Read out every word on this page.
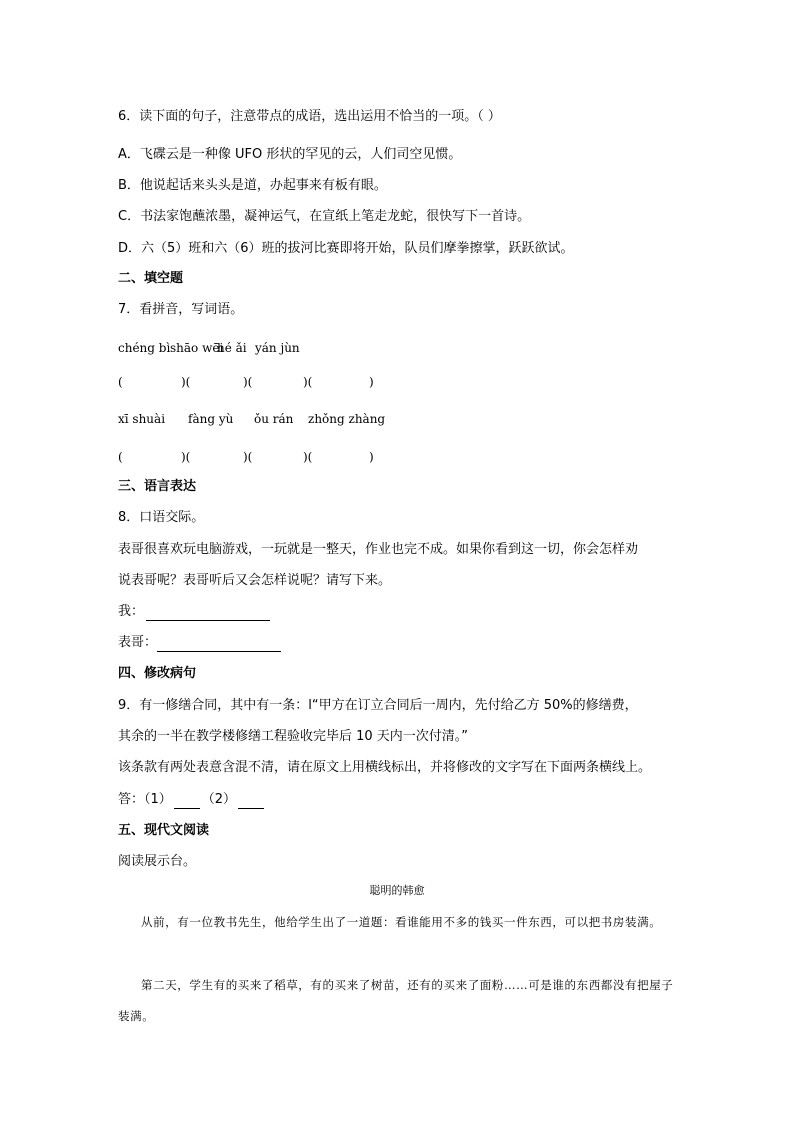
6．读下面的句子，注意带点的成语，选出运用不恰当的一项。（ ）
A．飞碟云是一种像 UFO 形状的罕见的云，人们司空见惯。
B．他说起话来头头是道，办起事来有板有眼。
C．书法家饱蘸浓墨，凝神运气，在宣纸上笔走龙蛇，很快写下一首诗。
D．六（5）班和六（6）班的拔河比赛即将开始，队员们摩拳擦掌，跃跃欲试。
二、填空题
7．看拼音，写词语。
chéng bìshāo wēihé ǎi yán jùn
(	)(	)(	)(	)
xī shuài fàng yù ǒu rán zhǒng zhàng
(	)(	)(	)(	)
三、语言表达
8．口语交际。
表哥很喜欢玩电脑游戏，一玩就是一整天，作业也完不成。如果你看到这一切，你会怎样劝
说表哥呢？表哥听后又会怎样说呢？请写下来。
我：
表哥：
四、修改病句
9．有一修缮合同，其中有一条：l“甲方在订立合同后一周内，先付给乙方 50%的修缮费，
其余的一半在教学楼修缮工程验收完毕后 10 天内一次付清。”
该条款有两处表意含混不清，请在原文上用横线标出，并将修改的文字写在下面两条横线上。
答：（1） （2）
五、现代文阅读
阅读展示台。
聪明的韩愈
从前，有一位教书先生，他给学生出了一道题：看谁能用不多的钱买一件东西，可以把书房装满。
第二天，学生有的买来了稻草，有的买来了树苗，还有的买来了面粉……可是谁的东西都没有把屋子装满。
